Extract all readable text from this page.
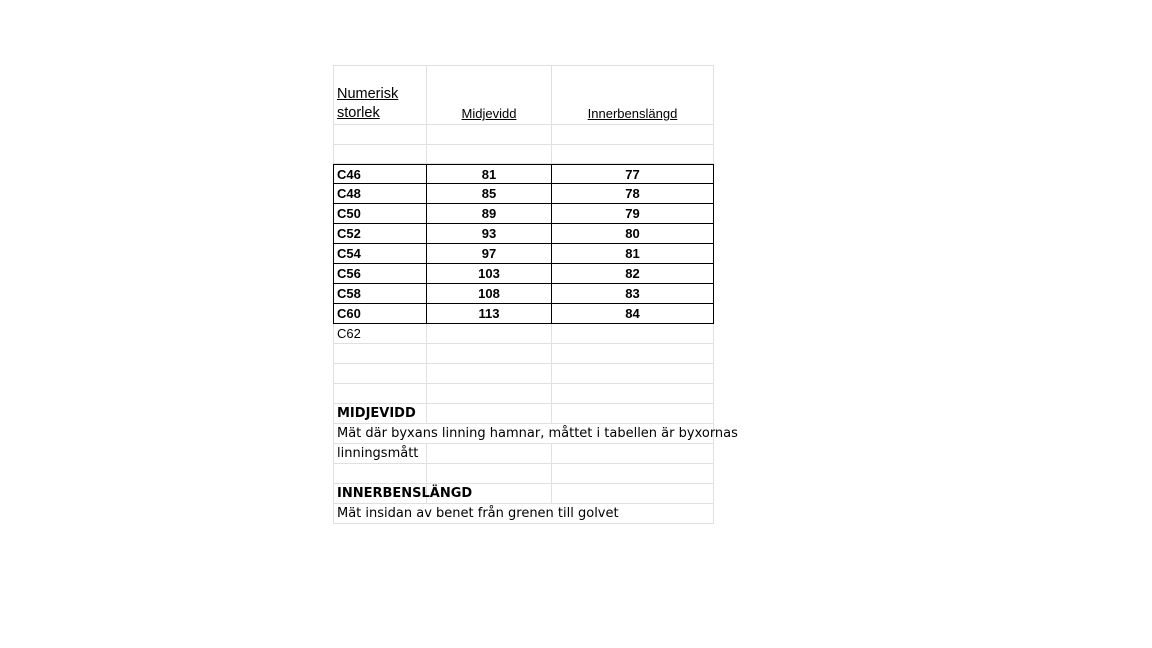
Numerisk
storlek	Midjevidd	Innerbenslängd
C46	81	77
C48	85	78
C50	89	79
C52	93	80
C54	97	81
C56	103	82
C58	108	83
C60	113	84
C62
MIDJEVIDD
Mät där byxans linning hamnar, måttet i tabellen är byxornas
linningsmått
INNERBENSLÄNGD
Mät insidan av benet från grenen till golvet
